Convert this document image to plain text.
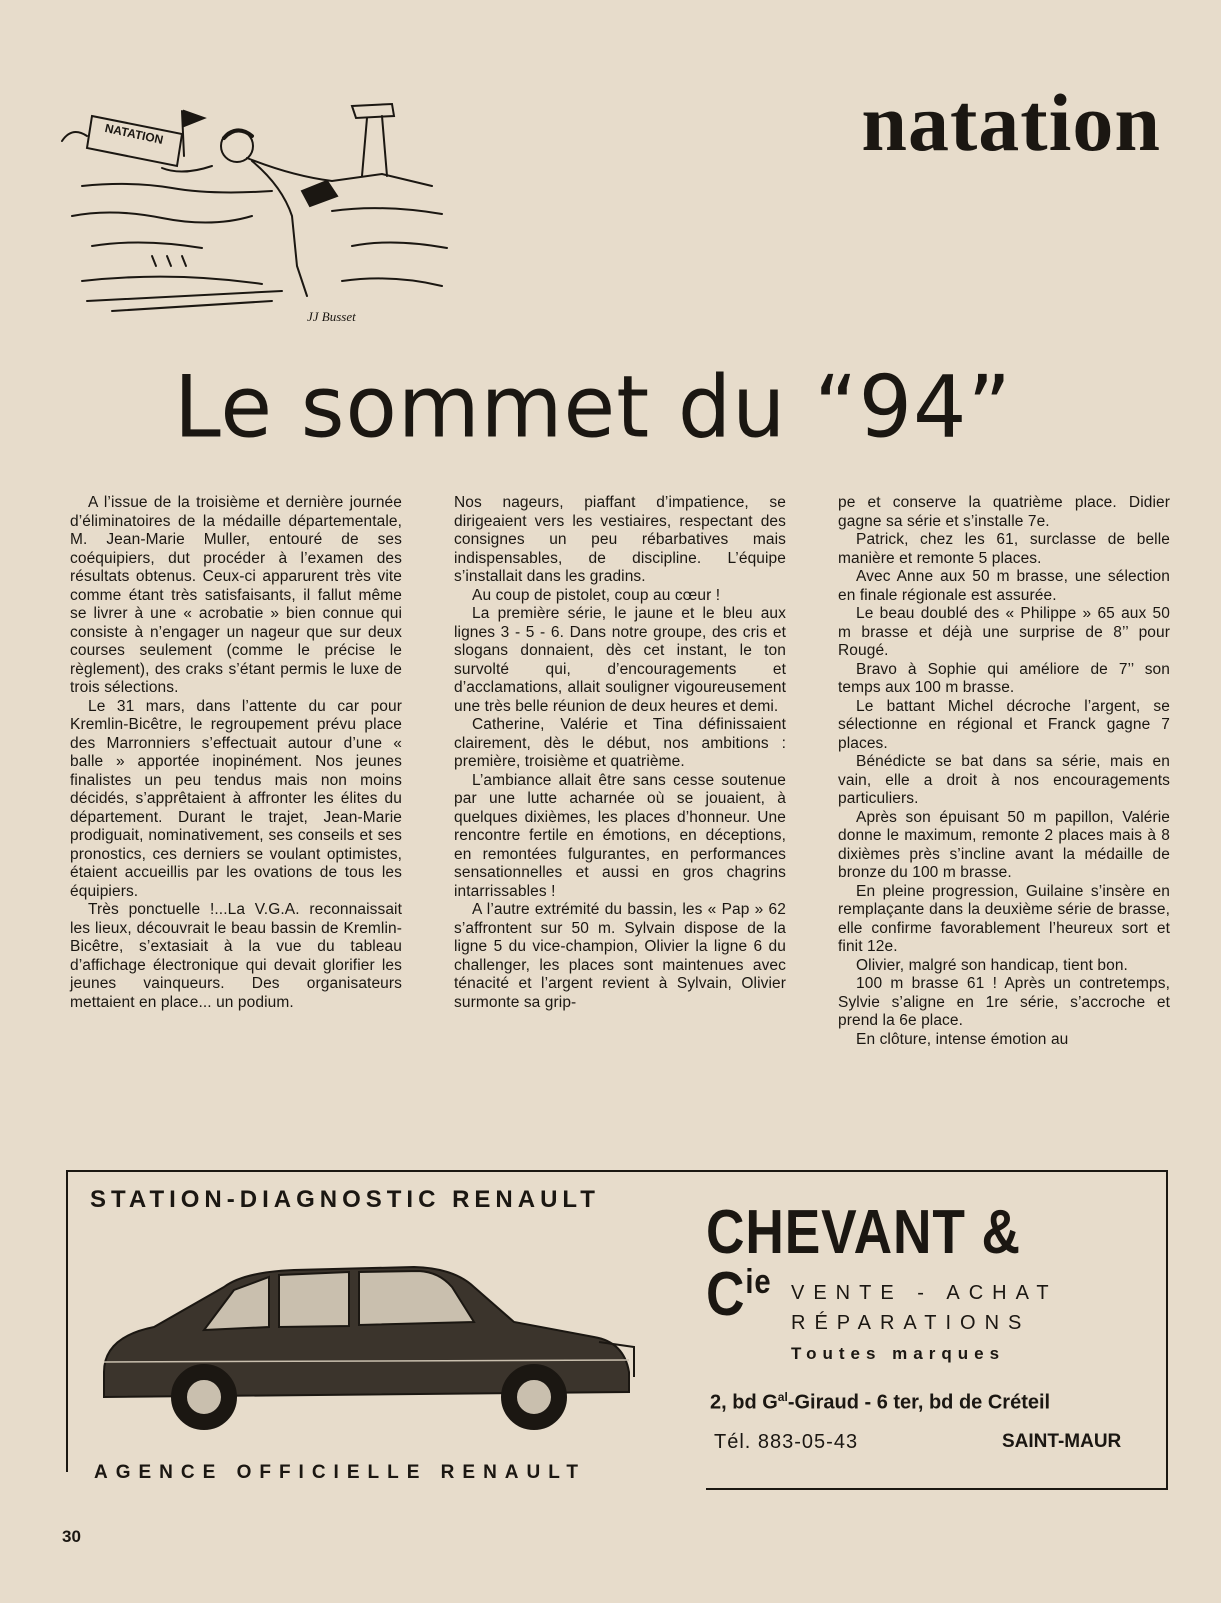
NATATION
JJ Busset
natation
Le sommet du “94”

A l’issue de la troisième et dernière journée d’éliminatoires de la médaille départementale, M. Jean-Marie Muller, entouré de ses coéquipiers, dut procéder à l’examen des résultats obtenus. Ceux-ci apparurent très vite comme étant très satisfaisants, il fallut même se livrer à une « acrobatie » bien connue qui consiste à n’engager un nageur que sur deux courses seulement (comme le précise le règlement), des craks s’étant permis le luxe de trois sélections.

Le 31 mars, dans l’attente du car pour Kremlin-Bicêtre, le regroupement prévu place des Marronniers s’effectuait autour d’une « balle » apportée inopinément. Nos jeunes finalistes un peu tendus mais non moins décidés, s’apprêtaient à affronter les élites du département. Durant le trajet, Jean-Marie prodiguait, nominativement, ses conseils et ses pronostics, ces derniers se voulant optimistes, étaient accueillis par les ovations de tous les équipiers.

Très ponctuelle !...La V.G.A. reconnaissait les lieux, découvrait le beau bassin de Kremlin-Bicêtre, s’extasiait à la vue du tableau d’affichage électronique qui devait glorifier les jeunes vainqueurs. Des organisateurs mettaient en place... un podium.

Nos nageurs, piaffant d’impatience, se dirigeaient vers les vestiaires, respectant des consignes un peu rébarbatives mais indispensables, de discipline. L’équipe s’installait dans les gradins.

Au coup de pistolet, coup au cœur !

La première série, le jaune et le bleu aux lignes 3 - 5 - 6. Dans notre groupe, des cris et slogans donnaient, dès cet instant, le ton survolté qui, d’encouragements et d’acclamations, allait souligner vigoureusement une très belle réunion de deux heures et demi.

Catherine, Valérie et Tina définissaient clairement, dès le début, nos ambitions : première, troisième et quatrième.

L’ambiance allait être sans cesse soutenue par une lutte acharnée où se jouaient, à quelques dixièmes, les places d’honneur. Une rencontre fertile en émotions, en déceptions, en remontées fulgurantes, en performances sensationnelles et aussi en gros chagrins intarrissables !

A l’autre extrémité du bassin, les « Pap » 62 s’affrontent sur 50 m. Sylvain dispose de la ligne 5 du vice-champion, Olivier la ligne 6 du challenger, les places sont maintenues avec ténacité et l’argent revient à Sylvain, Olivier surmonte sa grip-

pe et conserve la quatrième place. Didier gagne sa série et s’installe 7e.

Patrick, chez les 61, surclasse de belle manière et remonte 5 places.

Avec Anne aux 50 m brasse, une sélection en finale régionale est assurée.

Le beau doublé des « Philippe » 65 aux 50 m brasse et déjà une surprise de 8’’ pour Rougé.

Bravo à Sophie qui améliore de 7’’ son temps aux 100 m brasse.

Le battant Michel décroche l’argent, se sélectionne en régional et Franck gagne 7 places.

Bénédicte se bat dans sa série, mais en vain, elle a droit à nos encouragements particuliers.

Après son épuisant 50 m papillon, Valérie donne le maximum, remonte 2 places mais à 8 dixièmes près s’incline avant la médaille de bronze du 100 m brasse.

En pleine progression, Guilaine s’insère en remplaçante dans la deuxième série de brasse, elle confirme favorablement l’heureux sort et finit 12e.

Olivier, malgré son handicap, tient bon.

100 m brasse 61 ! Après un contretemps, Sylvie s’aligne en 1re série, s’accroche et prend la 6e place.

En clôture, intense émotion au

STATION-DIAGNOSTIC RENAULT

AGENCE OFFICIELLE RENAULT

CHEVANT & $C^{ie}$ VENTE - ACHAT

RÉPARATIONS

Toutes marques

2, bd $G^{al}$-Giraud - 6 ter, bd de Créteil

Tél. 883-05-43	SAINT-MAUR

30
